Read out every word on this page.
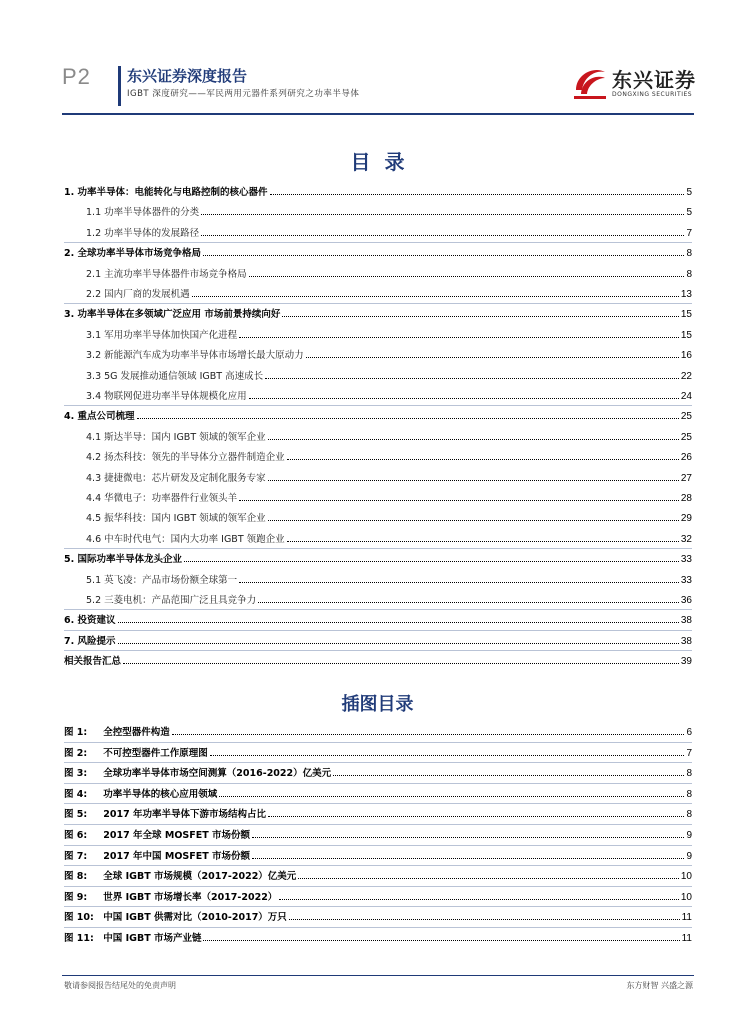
P2 东兴证券深度报告
IGBT 深度研究——军民两用元器件系列研究之功率半导体
东兴证券
DONGXING SECURITIES
目录
1. 功率半导体：电能转化与电路控制的核心器件	5
1.1 功率半导体器件的分类	5
1.2 功率半导体的发展路径	7
2. 全球功率半导体市场竞争格局	8
2.1 主流功率半导体器件市场竞争格局	8
2.2 国内厂商的发展机遇	13
3. 功率半导体在多领域广泛应用 市场前景持续向好	15
3.1 军用功率半导体加快国产化进程	15
3.2 新能源汽车成为功率半导体市场增长最大原动力	16
3.3 5G 发展推动通信领域 IGBT 高速成长	22
3.4 物联网促进功率半导体规模化应用	24
4. 重点公司梳理	25
4.1 斯达半导：国内 IGBT 领域的领军企业	25
4.2 扬杰科技：领先的半导体分立器件制造企业	26
4.3 捷捷微电：芯片研发及定制化服务专家	27
4.4 华微电子：功率器件行业领头羊	28
4.5 振华科技：国内 IGBT 领域的领军企业	29
4.6 中车时代电气：国内大功率 IGBT 领跑企业	32
5. 国际功率半导体龙头企业	33
5.1 英飞凌：产品市场份额全球第一	33
5.2 三菱电机：产品范围广泛且具竞争力	36
6. 投资建议	38
7. 风险提示	38
相关报告汇总	39
插图目录
图 1: 全控型器件构造	6
图 2: 不可控型器件工作原理图	7
图 3: 全球功率半导体市场空间测算（2016-2022）亿美元	8
图 4: 功率半导体的核心应用领域	8
图 5: 2017 年功率半导体下游市场结构占比	8
图 6: 2017 年全球 MOSFET 市场份额	9
图 7: 2017 年中国 MOSFET 市场份额	9
图 8: 全球 IGBT 市场规模（2017-2022）亿美元	10
图 9: 世界 IGBT 市场增长率（2017-2022）	10
图 10: 中国 IGBT 供需对比（2010-2017）万只	11
图 11: 中国 IGBT 市场产业链	11
敬请参阅报告结尾处的免责声明	东方财智 兴盛之源
